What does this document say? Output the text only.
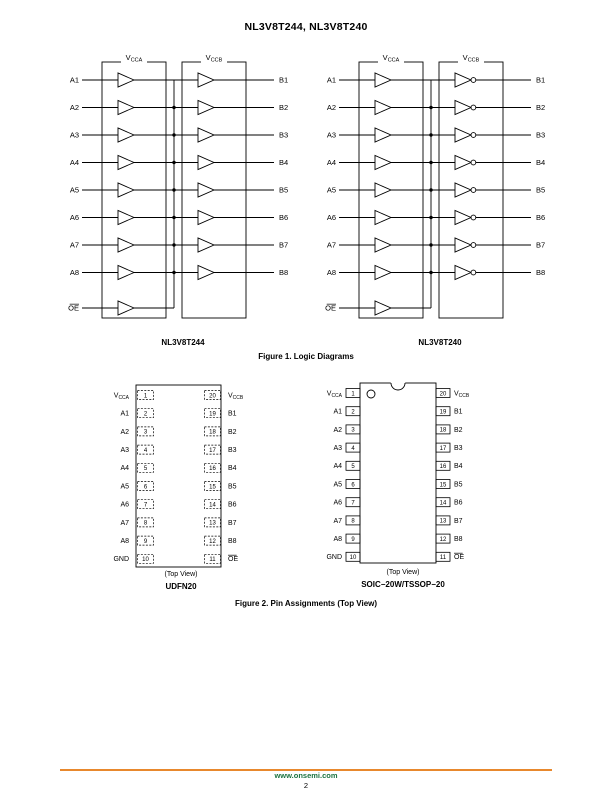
NL3V8T244, NL3V8T240
$V_{CCA}$	$V_{CCB}$
A1	B1
A2	B2
A3	B3
A4	B4
A5	B5
A6	B6
A7	B7
A8	B8
OE
$V_{CCA}$	$V_{CCB}$
A1	B1
A2	B2
A3	B3
A4	B4
A5	B5
A6	B6
A7	B7
A8	B8
OE
NL3V8T244	NL3V8T240
Figure 1. Logic Diagrams
1
$V_{CCA}$
2
A1
3
A2
4
A3
5
A4
6
A5
7
A6
8
A7
9
A8
10
GND
20 $V_{CCB}$
19 B1
18 B2
17 B3
16 B4
15 B5
14 B6
13 B7
12 B8
11 OE
1
$V_{CCA}$
2
A1
3
A2
4
A3
5
A4
6
A5
7
A6
8
A7
9
A8
10
GND
20 $V_{CCB}$
19 B1
18 B2
17 B3
16 B4
15 B5
14 B6
13 B7
12 B8
11 OE
(Top View)
UDFN20
(Top View)
SOIC−20W/TSSOP−20
Figure 2. Pin Assignments (Top View)
www.onsemi.com
2
